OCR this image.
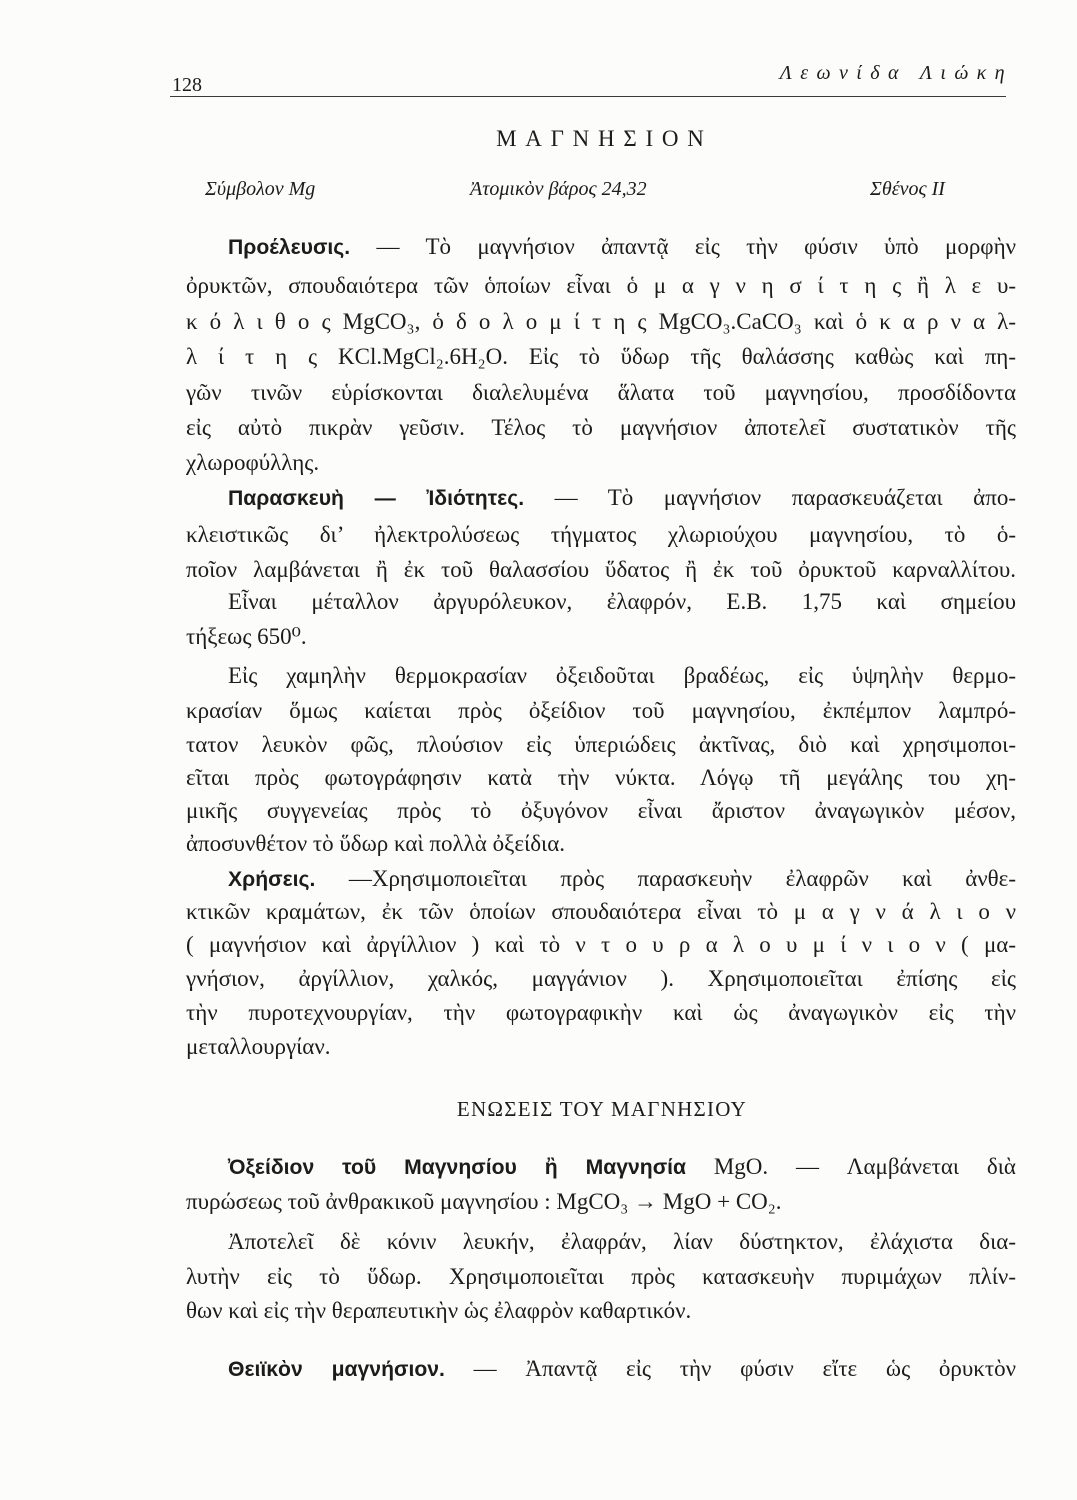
128
Λεωνίδα Λιώκη
ΜΑΓΝΗΣΙΟΝ
Σύμβολον Mg	Ἀτομικὸν βάρος 24,32	Σθένος II
Προέλευσις. — Τὸ μαγνήσιον ἀπαντᾷ εἰς τὴν φύσιν ὑπὸ μορφὴν
ὀρυκτῶν, σπουδαιότερα τῶν ὁποίων εἶναι ὁ μ α γ ν η σ ί τ η ς ἢ λ ε υ-
κ ό λ ι θ ο ς MgCO₃, ὁ δ ο λ ο μ ί τ η ς MgCO₃.CaCO₃ καὶ ὁ κ α ρ ν α λ-
λ ί τ η ς KCl.MgCl₂.6H₂O. Εἰς τὸ ὕδωρ τῆς θαλάσσης καθὼς καὶ πη-
γῶν τινῶν εὑρίσκονται διαλελυμένα ἅλατα τοῦ μαγνησίου, προσδίδοντα
εἰς αὐτὸ πικρὰν γεῦσιν. Τέλος τὸ μαγνήσιον ἀποτελεῖ συστατικὸν τῆς
χλωροφύλλης.
Παρασκευὴ — Ἰδιότητες. — Τὸ μαγνήσιον παρασκευάζεται ἀπο-
κλειστικῶς δι’ ἠλεκτρολύσεως τήγματος χλωριούχου μαγνησίου, τὸ ὁ-
ποῖον λαμβάνεται ἢ ἐκ τοῦ θαλασσίου ὕδατος ἢ ἐκ τοῦ ὀρυκτοῦ καρναλλίτου.
Εἶναι μέταλλον ἀργυρόλευκον, ἐλαφρόν, Ε.Β. 1,75 καὶ σημείου
τήξεως 650⁰.
Εἰς χαμηλὴν θερμοκρασίαν ὀξειδοῦται βραδέως, εἰς ὑψηλὴν θερμο-
κρασίαν ὅμως καίεται πρὸς ὀξείδιον τοῦ μαγνησίου, ἐκπέμπον λαμπρό-
τατον λευκὸν φῶς, πλούσιον εἰς ὑπεριώδεις ἀκτῖνας, διὸ καὶ χρησιμοποι-
εῖται πρὸς φωτογράφησιν κατὰ τὴν νύκτα. Λόγῳ τῆ μεγάλης του χη-
μικῆς συγγενείας πρὸς τὸ ὀξυγόνον εἶναι ἄριστον ἀναγωγικὸν μέσον,
ἀποσυνθέτον τὸ ὕδωρ καὶ πολλὰ ὀξείδια.
Χρήσεις. —Χρησιμοποιεῖται πρὸς παρασκευὴν ἐλαφρῶν καὶ ἀνθε-
κτικῶν κραμάτων, ἐκ τῶν ὁποίων σπουδαιότερα εἶναι τὸ μ α γ ν ά λ ι ο ν
( μαγνήσιον καὶ ἀργίλλιον ) καὶ τὸ ν τ ο υ ρ α λ ο υ μ ί ν ι ο ν ( μα-
γνήσιον, ἀργίλλιον, χαλκός, μαγγάνιον ). Χρησιμοποιεῖται ἐπίσης εἰς
τὴν πυροτεχνουργίαν, τὴν φωτογραφικὴν καὶ ὡς ἀναγωγικὸν εἰς τὴν
μεταλλουργίαν.
ΕΝΩΣΕΙΣ ΤΟΥ ΜΑΓΝΗΣΙΟΥ
Ὀξείδιον τοῦ Μαγνησίου ἢ Μαγνησία MgO. — Λαμβάνεται διὰ
πυρώσεως τοῦ ἀνθρακικοῦ μαγνησίου : MgCO₃ → MgO + CO₂.
Ἀποτελεῖ δὲ κόνιν λευκήν, ἐλαφράν, λίαν δύστηκτον, ἐλάχιστα δια-
λυτὴν εἰς τὸ ὕδωρ. Χρησιμοποιεῖται πρὸς κατασκευὴν πυριμάχων πλίν-
θων καὶ εἰς τὴν θεραπευτικὴν ὡς ἐλαφρὸν καθαρτικόν.
Θειϊκὸν μαγνήσιον. — Ἀπαντᾷ εἰς τὴν φύσιν εἴτε ὡς ὀρυκτὸν
